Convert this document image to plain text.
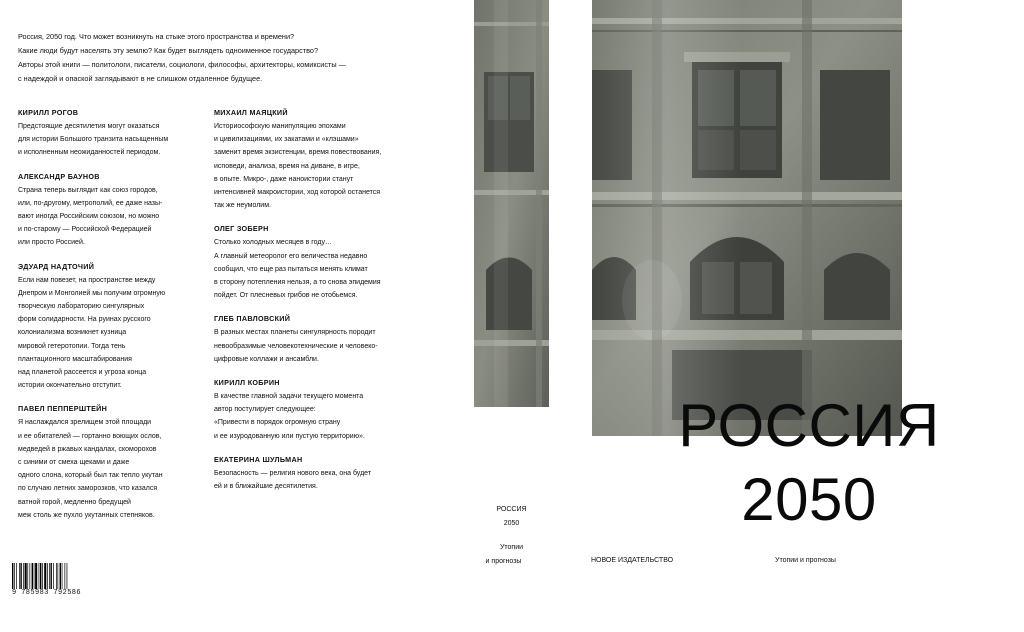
Россия, 2050 год. Что может возникнуть на стыке этого пространства и времени?
Какие люди будут населять эту землю? Как будет выглядеть одноименное государство?
Авторы этой книги — политологи, писатели, социологи, философы, архитекторы, комиксисты —
с надеждой и опаской заглядывают в не слишком отдаленное будущее.
КИРИЛЛ РОГОВ
Предстоящие десятилетия могут оказаться
для истории Большого транзита насыщенным
и исполненным неожиданностей периодом.
АЛЕКСАНДР БАУНОВ
Страна теперь выглядит как союз городов,
или, по-другому, метрополий, ее даже назы-
вают иногда Российским союзом, но можно
и по-старому — Российской Федерацией
или просто Россией.
ЭДУАРД НАДТОЧИЙ
Если нам повезет, на пространстве между
Днепром и Монголией мы получим огромную
творческую лабораторию сингулярных
форм солидарности. На руинах русского
колониализма возникнет кузница
мировой гетеротопии. Тогда тень
плантационного масштабирования
над планетой рассеется и угроза конца
истории окончательно отступит.
ПАВЕЛ ПЕППЕРШТЕЙН
Я наслаждался зрелищем этой площади
и ее обитателей — гортанно воющих ослов,
медведей в ржавых кандалах, скоморохов
с синими от смеха щеками и даже
одного слона, который был так тепло укутан
по случаю летних заморозков, что казался
ватной горой, медленно бредущей
меж столь же пухло укутанных степняков.
МИХАИЛ МАЯЦКИЙ
Историософскую манипуляцию эпохами
и цивилизациями, их закатами и «клэшами»
заменит время экзистенции, время повествования,
исповеди, анализа, время на диване, в игре,
в опыте. Микро-, даже наноистории станут
интенсивней макроистории, ход которой останется
так же неумолим.
ОЛЕГ ЗОБЕРН
Столько холодных месяцев в году…
А главный метеоролог его величества недавно
сообщил, что еще раз пытаться менять климат
в сторону потепления нельзя, а то снова эпидемия
пойдет. От плесневых грибов не отобьемся.
ГЛЕБ ПАВЛОВСКИЙ
В разных местах планеты сингулярность породит
невообразимые человекотехнические и человеко-
цифровые коллажи и ансамбли.
КИРИЛЛ КОБРИН
В качестве главной задачи текущего момента
автор постулирует следующее:
«Привести в порядок огромную страну
и ее изуродованную или пустую территорию».
ЕКАТЕРИНА ШУЛЬМАН
Безопасность — религия нового века, она будет
ей и в ближайшие десятилетия.
9 785983 792586
РОССИЯ
2050
Утопии
и прогнозы
РОССИЯ
2050
НОВОЕ ИЗДАТЕЛЬСТВО	Утопии и прогнозы
